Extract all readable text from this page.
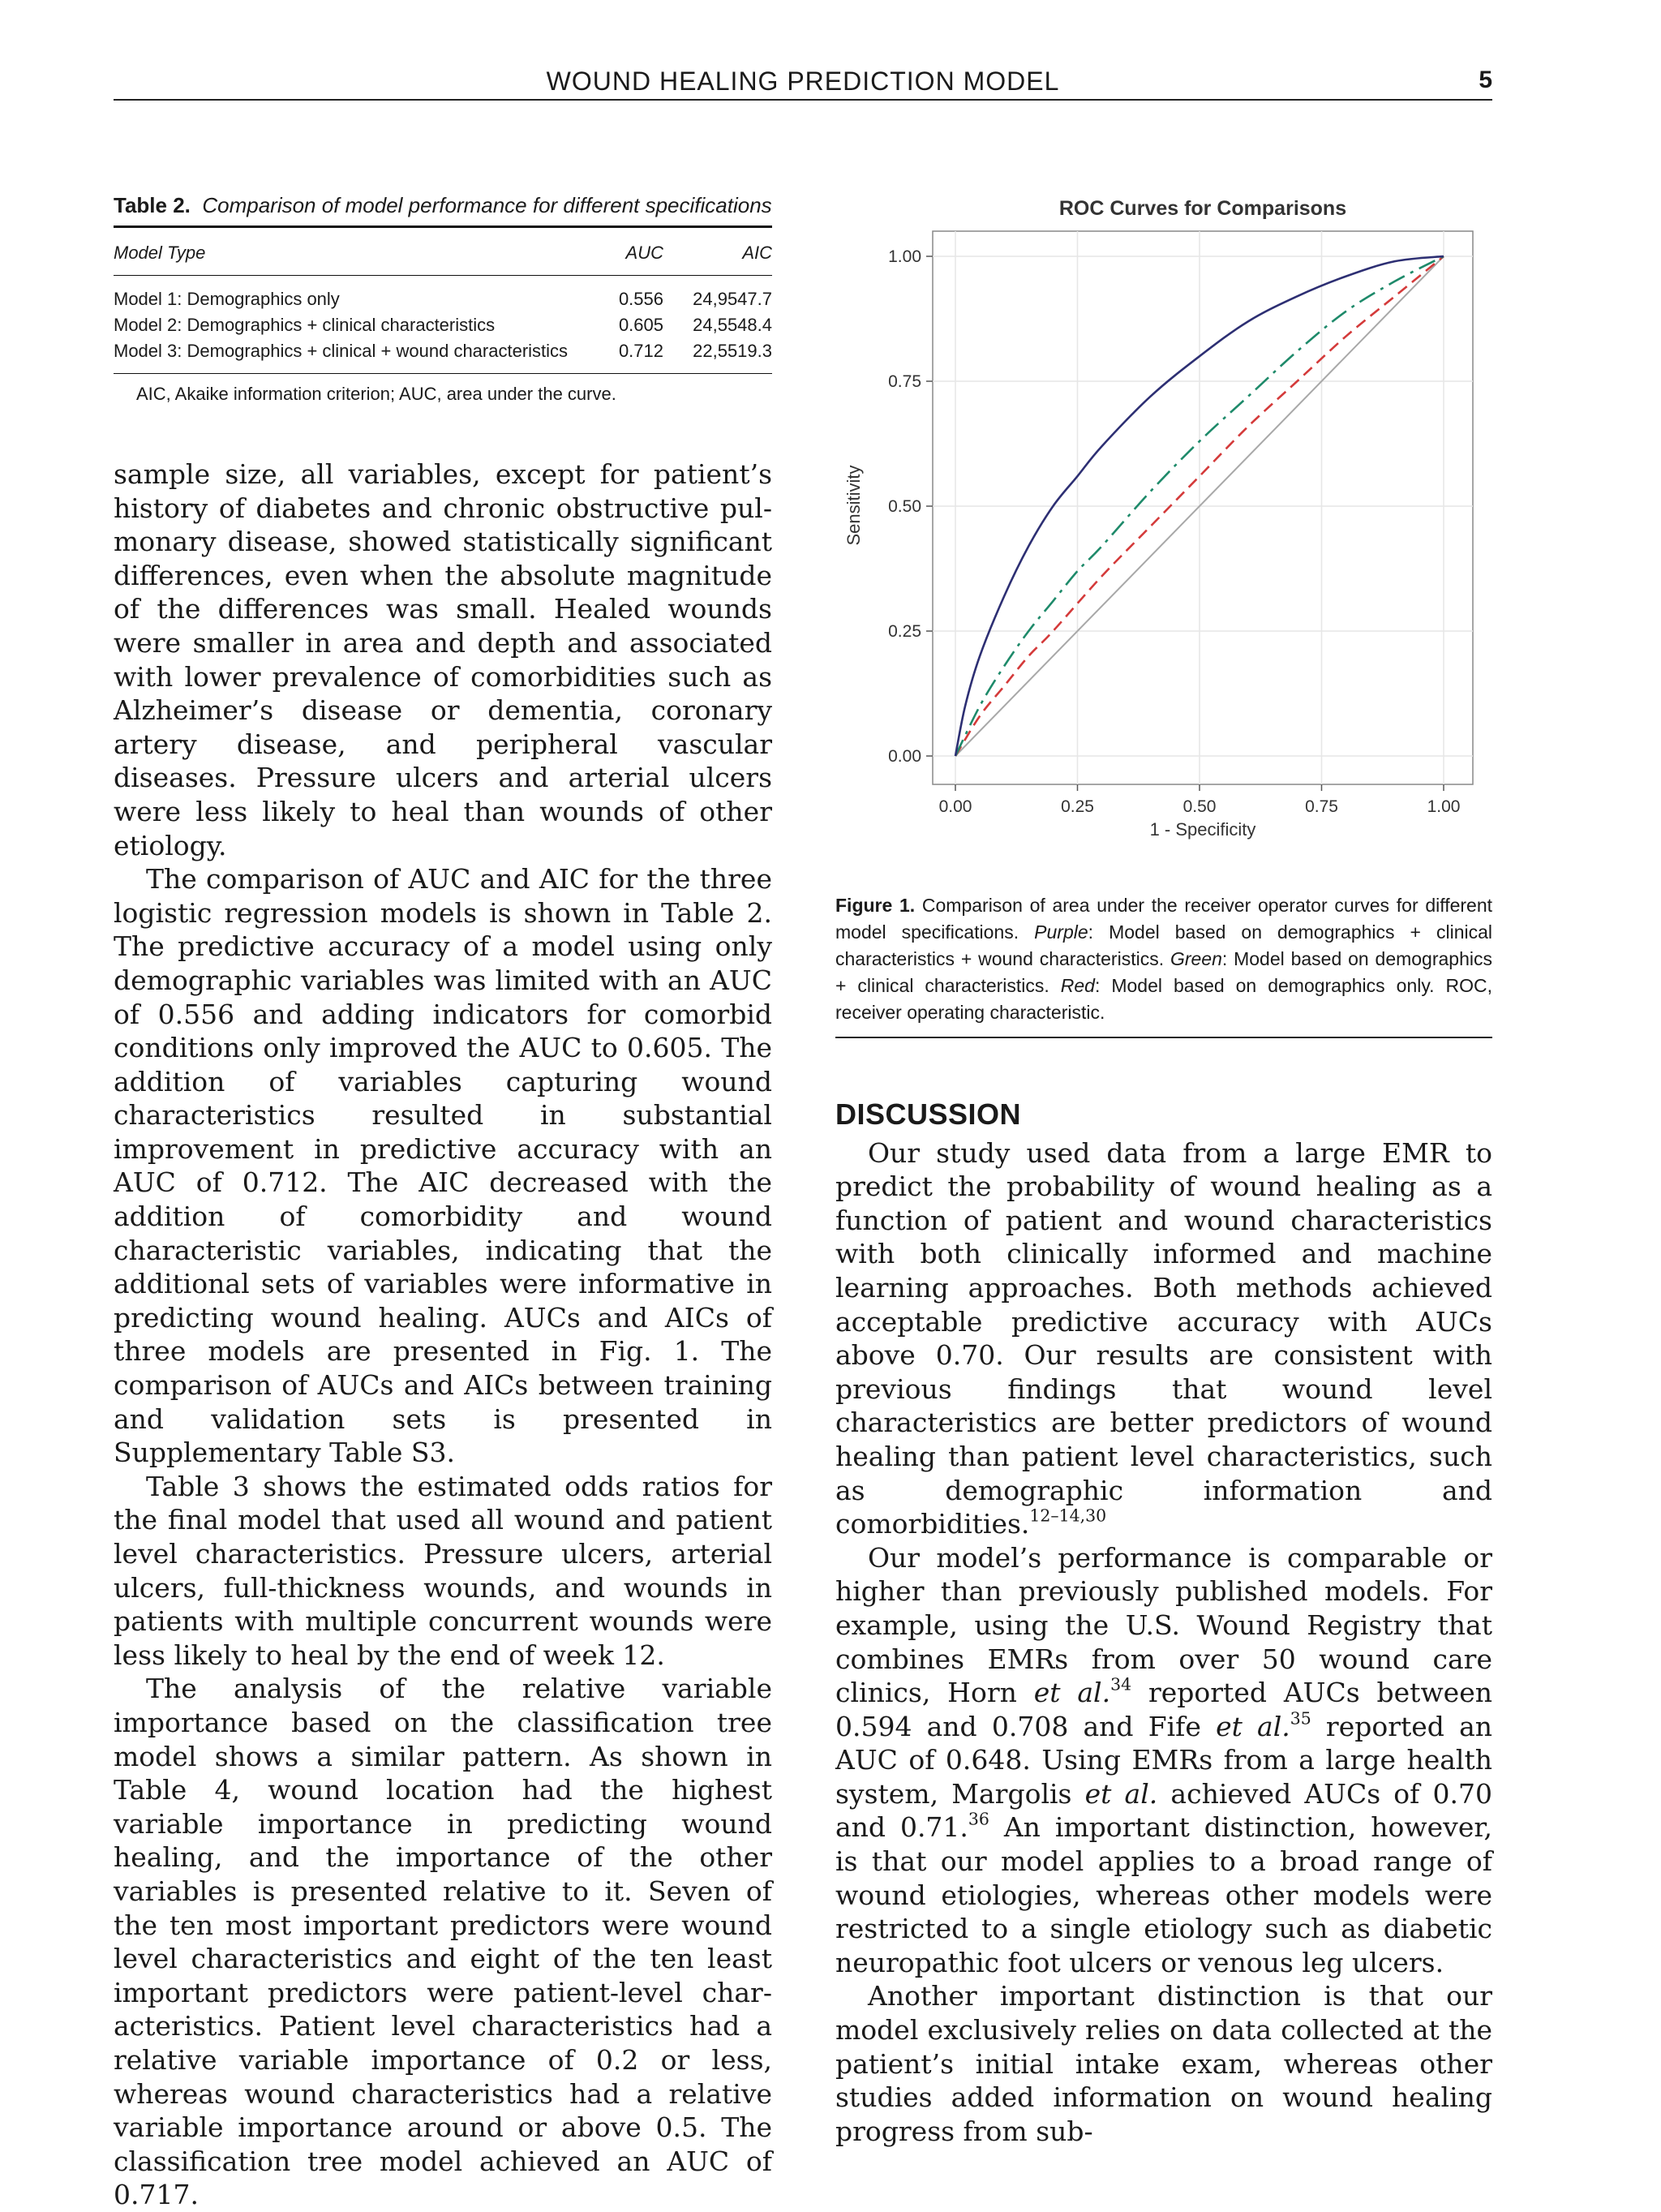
WOUND HEALING PREDICTION MODEL	5
Table 2. Comparison of model performance for different specifications
Model Type	AUC	AIC
Model 1: Demographics only	0.556	24,9547.7
Model 2: Demographics + clinical characteristics	0.605	24,5548.4
Model 3: Demographics + clinical + wound characteristics	0.712	22,5519.3
AIC, Akaike information criterion; AUC, area under the curve.

sample size, all variables, except for patient’s history of diabetes and chronic obstructive pulmonary disease, showed statistically significant differences, even when the absolute magnitude of the differences was small. Healed wounds were smaller in area and depth and associated with lower prevalence of comorbidities such as Alzheimer’s disease or dementia, coronary artery disease, and peripheral vascular diseases. Pressure ulcers and arterial ulcers were less likely to heal than wounds of other etiology.

The comparison of AUC and AIC for the three logistic regression models is shown in Table 2. The predictive accuracy of a model using only demographic variables was limited with an AUC of 0.556 and adding indicators for comorbid conditions only improved the AUC to 0.605. The addition of variables capturing wound characteristics resulted in substantial improvement in predictive accuracy with an AUC of 0.712. The AIC decreased with the addition of comorbidity and wound characteristic variables, indicating that the additional sets of variables were informative in predicting wound healing. AUCs and AICs of three models are presented in Fig. 1. The comparison of AUCs and AICs between training and validation sets is presented in Supplementary Table S3.

Table 3 shows the estimated odds ratios for the final model that used all wound and patient level characteristics. Pressure ulcers, arterial ulcers, full-thickness wounds, and wounds in patients with multiple concurrent wounds were less likely to heal by the end of week 12.

The analysis of the relative variable importance based on the classification tree model shows a similar pattern. As shown in Table 4, wound location had the highest variable importance in predicting wound healing, and the importance of the other variables is presented relative to it. Seven of the ten most important predictors were wound level characteristics and eight of the ten least important predictors were patient-level characteristics. Patient level characteristics had a relative variable importance of 0.2 or less, whereas wound characteristics had a relative variable importance around or above 0.5. The classification tree model achieved an AUC of 0.717.

ROC Curves for Comparisons
0.00	0.25	0.50	0.75	1.00
0.00
0.25
0.50
0.75
1.00
1 - Specificity
Sensitivity
Figure 1. Comparison of area under the receiver operator curves for different model specifications. Purple: Model based on demographics + clinical characteristics + wound characteristics. Green: Model based on demographics + clinical characteristics. Red: Model based on demographics only. ROC, receiver operating characteristic.
DISCUSSION

Our study used data from a large EMR to predict the probability of wound healing as a function of patient and wound characteristics with both clinically informed and machine learning approaches. Both methods achieved acceptable predictive accuracy with AUCs above 0.70. Our results are consistent with previous findings that wound level characteristics are better predictors of wound healing than patient level characteristics, such as demographic information and comorbidities.$^{12-14,30}$

Our model’s performance is comparable or higher than previously published models. For example, using the U.S. Wound Registry that combines EMRs from over 50 wound care clinics, Horn et al.$^{34}$ reported AUCs between 0.594 and 0.708 and Fife et al.$^{35}$ reported an AUC of 0.648. Using EMRs from a large health system, Margolis et al. achieved AUCs of 0.70 and 0.71.36 An important distinction, however, is that our model applies to a broad range of wound etiologies, whereas other models were restricted to a single etiology such as diabetic neuropathic foot ulcers or venous leg ulcers.

Another important distinction is that our model exclusively relies on data collected at the patient’s initial intake exam, whereas other studies added information on wound healing progress from sub-
